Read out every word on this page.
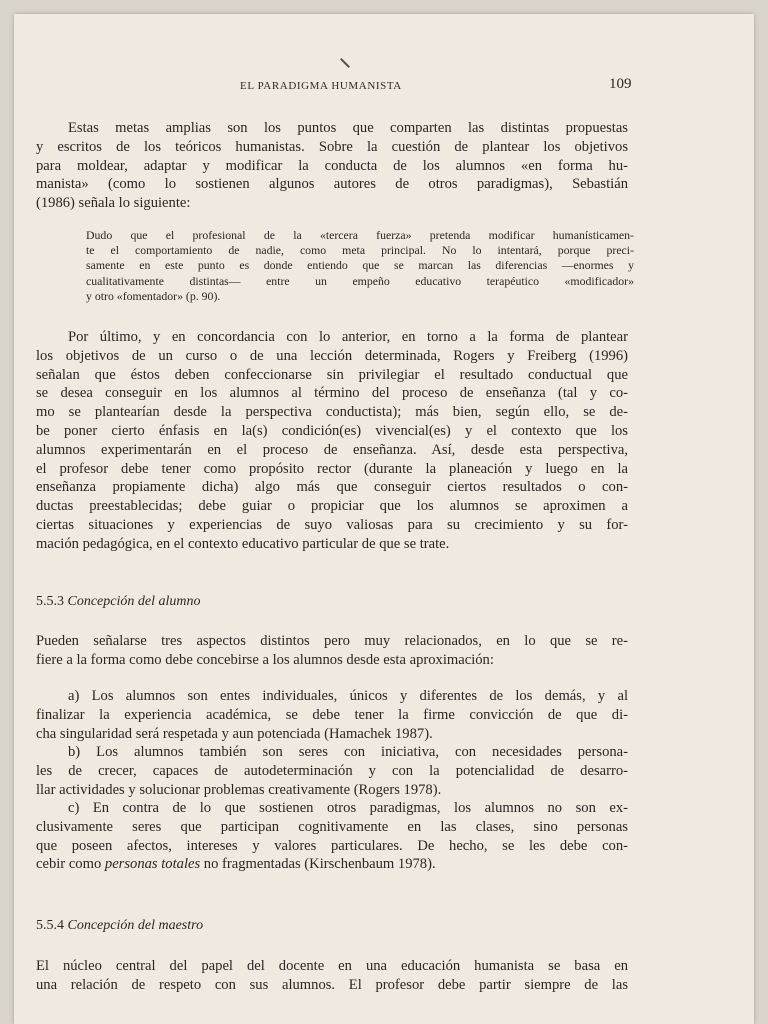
EL PARADIGMA HUMANISTA	109
Estas metas amplias son los puntos que comparten las distintas propuestas
y escritos de los teóricos humanistas. Sobre la cuestión de plantear los objetivos
para moldear, adaptar y modificar la conducta de los alumnos «en forma hu-
manista» (como lo sostienen algunos autores de otros paradigmas), Sebastián
(1986) señala lo siguiente:
Dudo que el profesional de la «tercera fuerza» pretenda modificar humanísticamen-
te el comportamiento de nadie, como meta principal. No lo intentará, porque preci-
samente en este punto es donde entiendo que se marcan las diferencias —enormes y
cualitativamente distintas— entre un empeño educativo terapéutico «modificador»
y otro «fomentador» (p. 90).
Por último, y en concordancia con lo anterior, en torno a la forma de plantear
los objetivos de un curso o de una lección determinada, Rogers y Freiberg (1996)
señalan que éstos deben confeccionarse sin privilegiar el resultado conductual que
se desea conseguir en los alumnos al término del proceso de enseñanza (tal y co-
mo se plantearían desde la perspectiva conductista); más bien, según ello, se de-
be poner cierto énfasis en la(s) condición(es) vivencial(es) y el contexto que los
alumnos experimentarán en el proceso de enseñanza. Así, desde esta perspectiva,
el profesor debe tener como propósito rector (durante la planeación y luego en la
enseñanza propiamente dicha) algo más que conseguir ciertos resultados o con-
ductas preestablecidas; debe guiar o propiciar que los alumnos se aproximen a
ciertas situaciones y experiencias de suyo valiosas para su crecimiento y su for-
mación pedagógica, en el contexto educativo particular de que se trate.
5.5.3 Concepción del alumno
Pueden señalarse tres aspectos distintos pero muy relacionados, en lo que se re-
fiere a la forma como debe concebirse a los alumnos desde esta aproximación:
a) Los alumnos son entes individuales, únicos y diferentes de los demás, y al
finalizar la experiencia académica, se debe tener la firme convicción de que di-
cha singularidad será respetada y aun potenciada (Hamachek 1987).
b) Los alumnos también son seres con iniciativa, con necesidades persona-
les de crecer, capaces de autodeterminación y con la potencialidad de desarro-
llar actividades y solucionar problemas creativamente (Rogers 1978).
c) En contra de lo que sostienen otros paradigmas, los alumnos no son ex-
clusivamente seres que participan cognitivamente en las clases, sino personas
que poseen afectos, intereses y valores particulares. De hecho, se les debe con-
cebir como personas totales no fragmentadas (Kirschenbaum 1978).
5.5.4 Concepción del maestro
El núcleo central del papel del docente en una educación humanista se basa en
una relación de respeto con sus alumnos. El profesor debe partir siempre de las
